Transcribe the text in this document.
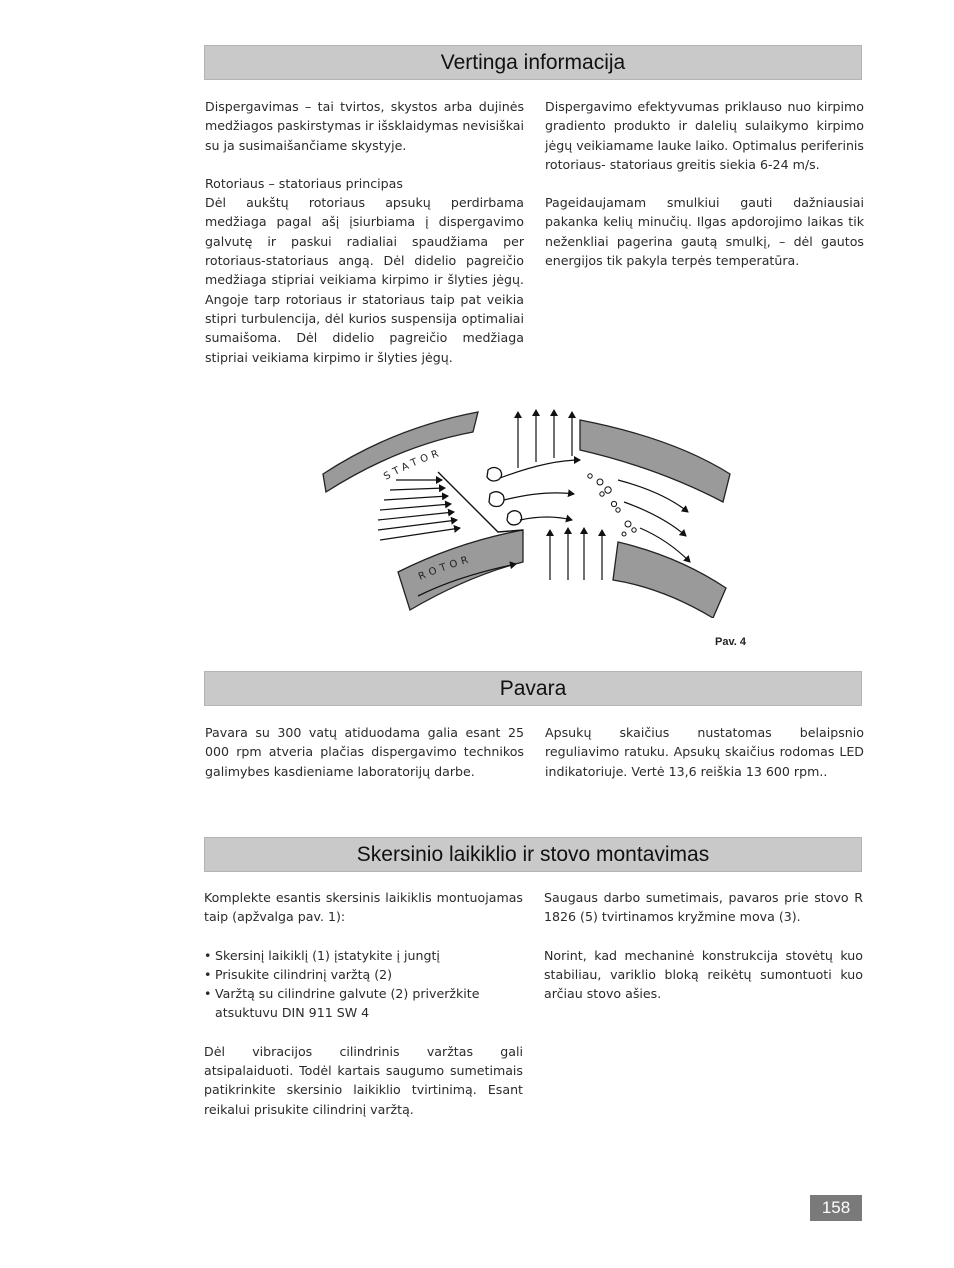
Vertinga informacija

Dispergavimas – tai tvirtos, skystos arba dujinės medžiagos paskirstymas ir išsklaidymas nevisiškai su ja susimaišančiame skystyje.

Rotoriaus – statoriaus principas

Dėl aukštų rotoriaus apsukų perdirbama medžiaga pagal ašį įsiurbiama į dispergavimo galvutę ir paskui radialiai spaudžiama per rotoriaus-statoriaus angą. Dėl didelio pagreičio medžiaga stipriai veikiama kirpimo ir šlyties jėgų. Angoje tarp rotoriaus ir statoriaus taip pat veikia stipri turbulencija, dėl kurios suspensija optimaliai sumaišoma. Dėl didelio pagreičio medžiaga stipriai veikiama kirpimo ir šlyties jėgų.

Dispergavimo efektyvumas priklauso nuo kirpimo gradiento produkto ir dalelių sulaikymo kirpimo jėgų veikiamame lauke laiko. Optimalus periferinis rotoriaus- statoriaus greitis siekia 6-24 m/s.

Pageidaujamam smulkiui gauti dažniausiai pakanka kelių minučių. Ilgas apdorojimo laikas tik neženkliai pagerina gautą smulkį, – dėl gautos energijos tik pakyla terpės temperatūra.

STATOR
ROTOR
Pav. 4
Pavara

Pavara su 300 vatų atiduodama galia esant 25 000 rpm atveria plačias dispergavimo technikos galimybes kasdieniame laboratorijų darbe.

Apsukų skaičius nustatomas belaipsnio reguliavimo ratuku. Apsukų skaičius rodomas LED indikatoriuje. Vertė 13,6 reiškia 13 600 rpm..

Skersinio laikiklio ir stovo montavimas

Komplekte esantis skersinis laikiklis montuojamas taip (apžvalga pav. 1):

• Skersinį laikiklį (1) įstatykite į jungtį
• Prisukite cilindrinį varžtą (2)
• Varžtą su cilindrine galvute (2) priveržkite atsuktuvu DIN 911 SW 4

Dėl vibracijos cilindrinis varžtas gali atsipalaiduoti. Todėl kartais saugumo sumetimais patikrinkite skersinio laikiklio tvirtinimą. Esant reikalui prisukite cilindrinį varžtą.

Saugaus darbo sumetimais, pavaros prie stovo R 1826 (5) tvirtinamos kryžmine mova (3).

Norint, kad mechaninė konstrukcija stovėtų kuo stabiliau, variklio bloką reikėtų sumontuoti kuo arčiau stovo ašies.

158
